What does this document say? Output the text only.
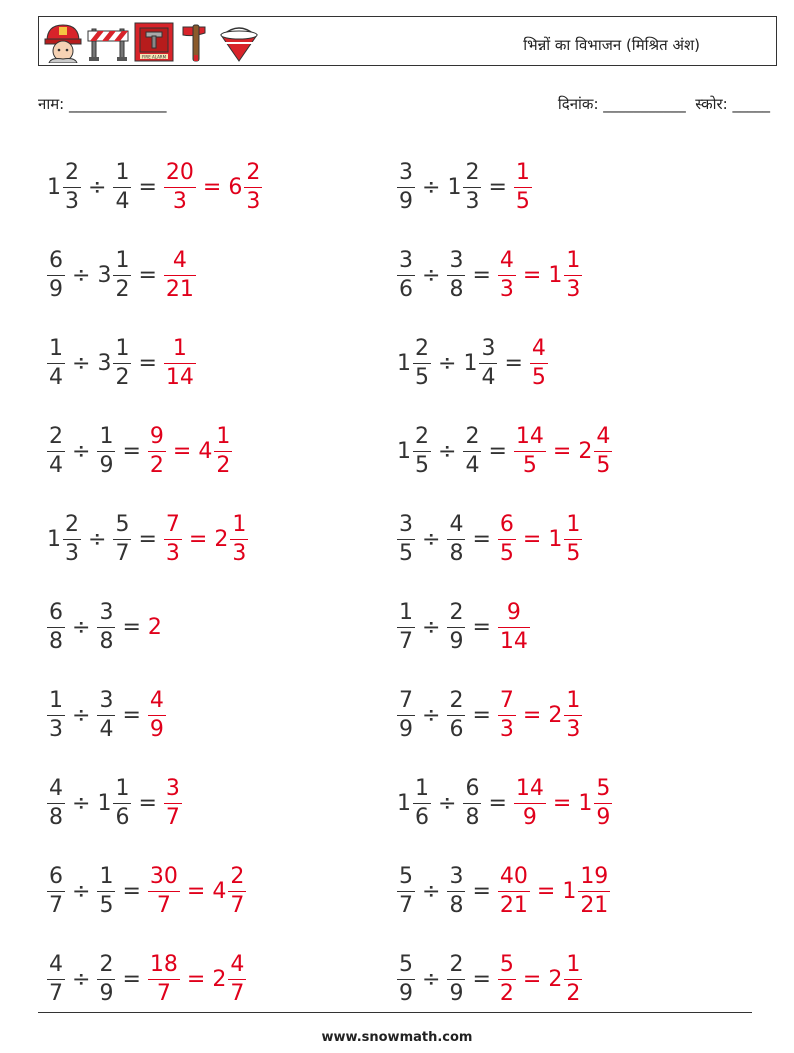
FIRE ALARM
भिन्नों का विभाजन (मिश्रित अंश)
नाम: _____________	दिनांक: ___________  स्कोर: _____
$1 \frac{2}{3} \div \frac{1}{4} = \frac{20}{3} = 6 \frac{2}{3}$
$\frac{6}{9} \div 3 \frac{1}{2} = \frac{4}{21}$
$\frac{1}{4} \div 3 \frac{1}{2} = \frac{1}{14}$
$\frac{2}{4} \div \frac{1}{9} = \frac{9}{2} = 4 \frac{1}{2}$
$1 \frac{2}{3} \div \frac{5}{7} = \frac{7}{3} = 2 \frac{1}{3}$
$\frac{6}{8} \div \frac{3}{8} = 2$
$\frac{1}{3} \div \frac{3}{4} = \frac{4}{9}$
$\frac{4}{8} \div 1 \frac{1}{6} = \frac{3}{7}$
$\frac{6}{7} \div \frac{1}{5} = \frac{30}{7} = 4 \frac{2}{7}$
$\frac{4}{7} \div \frac{2}{9} = \frac{18}{7} = 2 \frac{4}{7}$
$\frac{3}{9} \div 1 \frac{2}{3} = \frac{1}{5}$
$\frac{3}{6} \div \frac{3}{8} = \frac{4}{3} = 1 \frac{1}{3}$
$1 \frac{2}{5} \div 1 \frac{3}{4} = \frac{4}{5}$
$1 \frac{2}{5} \div \frac{2}{4} = \frac{14}{5} = 2 \frac{4}{5}$
$\frac{3}{5} \div \frac{4}{8} = \frac{6}{5} = 1 \frac{1}{5}$
$\frac{1}{7} \div \frac{2}{9} = \frac{9}{14}$
$\frac{7}{9} \div \frac{2}{6} = \frac{7}{3} = 2 \frac{1}{3}$
$1 \frac{1}{6} \div \frac{6}{8} = \frac{14}{9} = 1 \frac{5}{9}$
$\frac{5}{7} \div \frac{3}{8} = \frac{40}{21} = 1 \frac{19}{21}$
$\frac{5}{9} \div \frac{2}{9} = \frac{5}{2} = 2 \frac{1}{2}$
www.snowmath.com
